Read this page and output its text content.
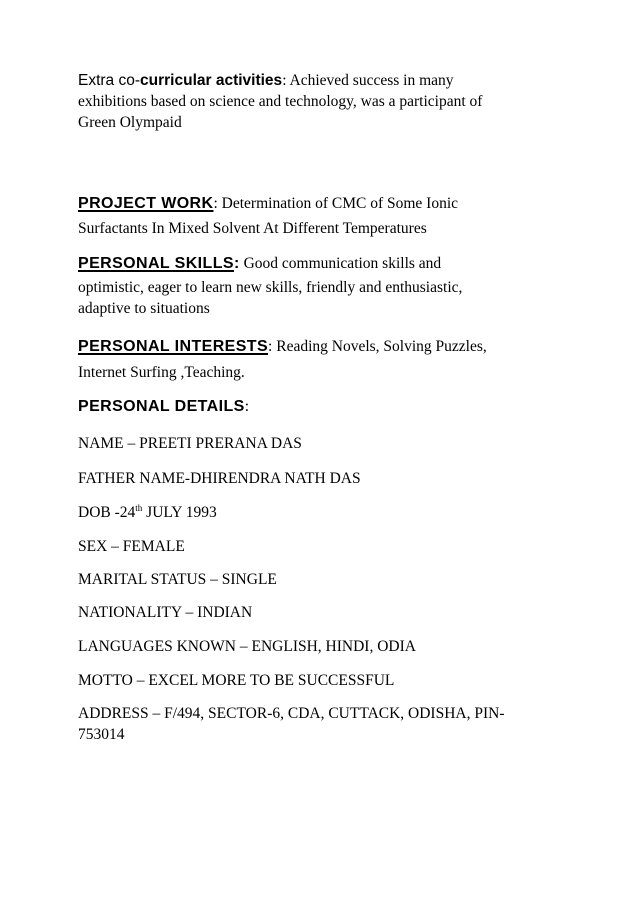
Extra co-curricular activities: Achieved success in many
exhibitions based on science and technology, was a participant of
Green Olympaid
PROJECT WORK: Determination of CMC of Some Ionic
Surfactants In Mixed Solvent At Different Temperatures
PERSONAL SKILLS: Good communication skills and
optimistic, eager to learn new skills, friendly and enthusiastic,
adaptive to situations
PERSONAL INTERESTS: Reading Novels, Solving Puzzles,
Internet Surfing ,Teaching.
PERSONAL DETAILS:
NAME – PREETI PRERANA DAS
FATHER NAME-DHIRENDRA NATH DAS
DOB -24th JULY 1993
SEX – FEMALE
MARITAL STATUS – SINGLE
NATIONALITY – INDIAN
LANGUAGES KNOWN – ENGLISH, HINDI, ODIA
MOTTO – EXCEL MORE TO BE SUCCESSFUL
ADDRESS – F/494, SECTOR-6, CDA, CUTTACK, ODISHA, PIN-
753014
